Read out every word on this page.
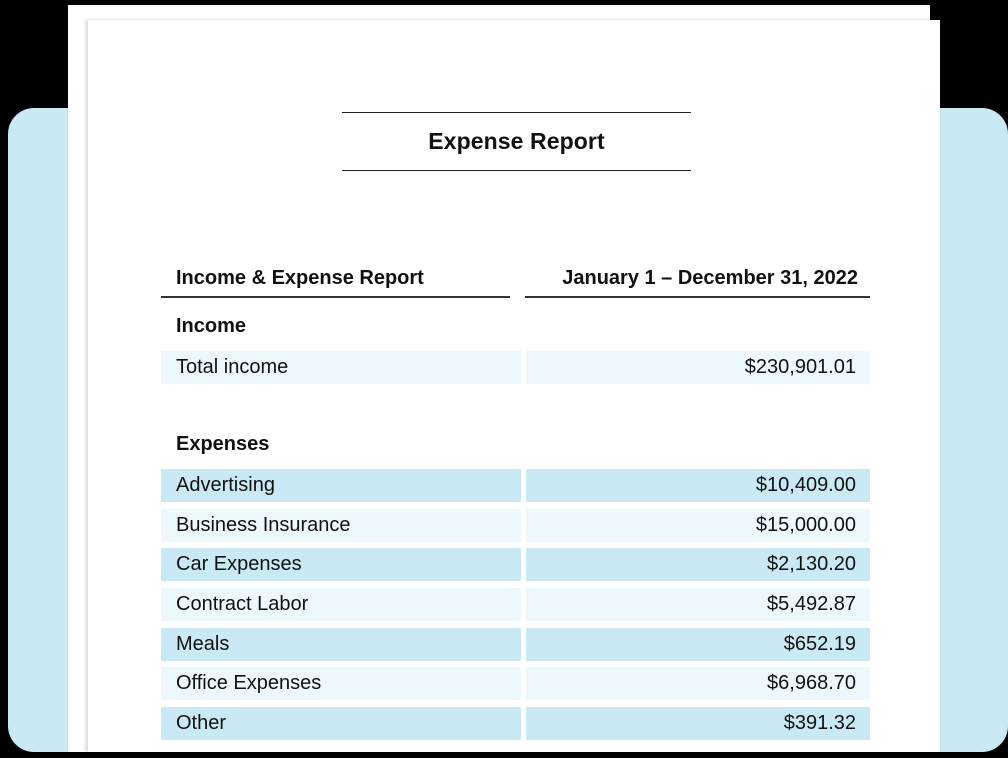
Expense Report
Income & Expense Report	January 1 – December 31, 2022
Income
Total income	$230,901.01
Expenses
Advertising	$10,409.00
Business Insurance	$15,000.00
Car Expenses	$2,130.20
Contract Labor	$5,492.87
Meals	$652.19
Office Expenses	$6,968.70
Other	$391.32
